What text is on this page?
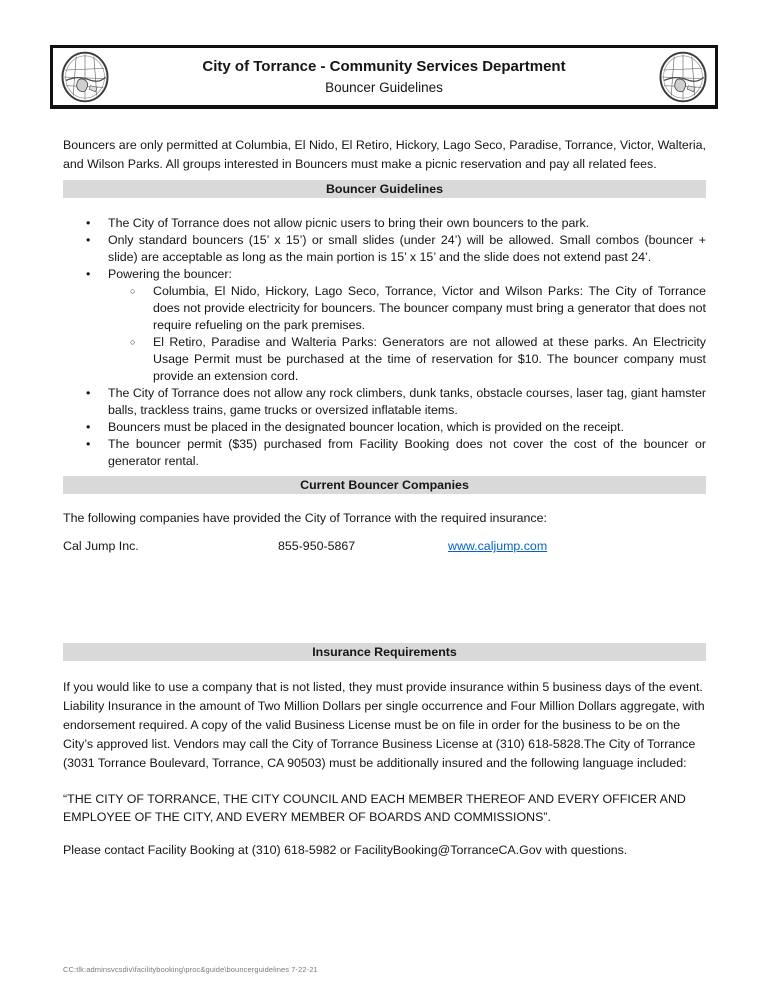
City of Torrance - Community Services Department
Bouncer Guidelines

Bouncers are only permitted at Columbia, El Nido, El Retiro, Hickory, Lago Seco, Paradise, Torrance, Victor, Walteria, and Wilson Parks. All groups interested in Bouncers must make a picnic reservation and pay all related fees.

Bouncer Guidelines
•	The City of Torrance does not allow picnic users to bring their own bouncers to the park.
•	Only standard bouncers (15’ x 15’) or small slides (under 24’) will be allowed. Small combos (bouncer + slide) are acceptable as long as the main portion is 15’ x 15’ and the slide does not extend past 24’.
•	Powering the bouncer:
○	Columbia, El Nido, Hickory, Lago Seco, Torrance, Victor and Wilson Parks: The City of Torrance does not provide electricity for bouncers. The bouncer company must bring a generator that does not require refueling on the park premises.
○	El Retiro, Paradise and Walteria Parks: Generators are not allowed at these parks. An Electricity Usage Permit must be purchased at the time of reservation for $10. The bouncer company must provide an extension cord.
•	The City of Torrance does not allow any rock climbers, dunk tanks, obstacle courses, laser tag, giant hamster balls, trackless trains, game trucks or oversized inflatable items.
•	Bouncers must be placed in the designated bouncer location, which is provided on the receipt.
•	The bouncer permit ($35) purchased from Facility Booking does not cover the cost of the bouncer or generator rental.
Current Bouncer Companies

The following companies have provided the City of Torrance with the required insurance:

Cal Jump Inc.	855-950-5867	www.caljump.com
Insurance Requirements

If you would like to use a company that is not listed, they must provide insurance within 5 business days of the event. Liability Insurance in the amount of Two Million Dollars per single occurrence and Four Million Dollars aggregate, with endorsement required. A copy of the valid Business License must be on file in order for the business to be on the City’s approved list. Vendors may call the City of Torrance Business License at (310) 618-5828.The City of Torrance (3031 Torrance Boulevard, Torrance, CA 90503) must be additionally insured and the following language included:

“THE CITY OF TORRANCE, THE CITY COUNCIL AND EACH MEMBER THEREOF AND EVERY OFFICER AND EMPLOYEE OF THE CITY, AND EVERY MEMBER OF BOARDS AND COMMISSIONS”.

Please contact Facility Booking at (310) 618-5982 or FacilityBooking@TorranceCA.Gov with questions.

CC:tlk:adminsvcsdiv\facilitybooking\proc&guide\bouncerguidelines 7-22-21
